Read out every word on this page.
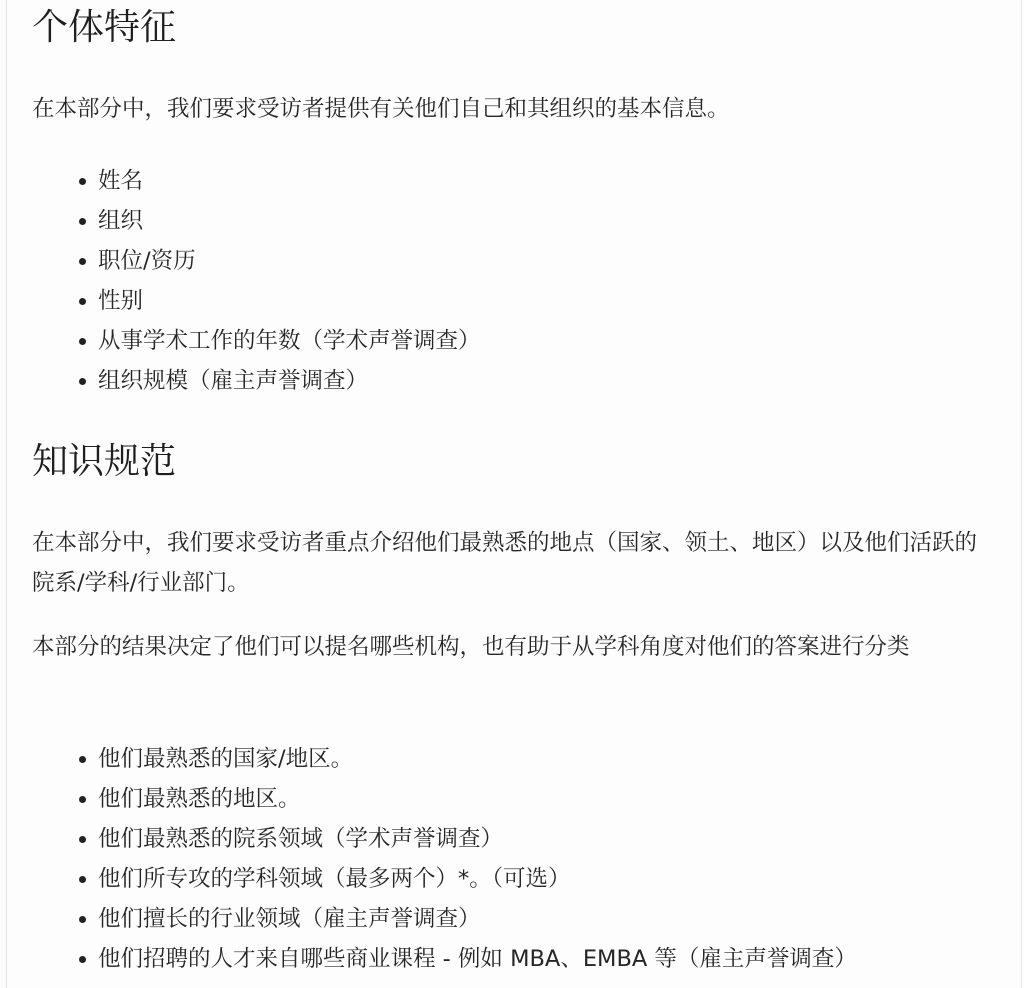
个体特征

在本部分中，我们要求受访者提供有关他们自己和其组织的基本信息。

姓名
组织
职位/资历
性别
从事学术工作的年数（学术声誉调查）
组织规模（雇主声誉调查）
知识规范

在本部分中，我们要求受访者重点介绍他们最熟悉的地点（国家、领土、地区）以及他们活跃的院系/学科/行业部门。

本部分的结果决定了他们可以提名哪些机构，也有助于从学科角度对他们的答案进行分类

他们最熟悉的国家/地区。
他们最熟悉的地区。
他们最熟悉的院系领域（学术声誉调查）
他们所专攻的学科领域（最多两个）*。（可选）
他们擅长的行业领域（雇主声誉调查）
他们招聘的人才来自哪些商业课程 - 例如 MBA、EMBA 等（雇主声誉调查）
